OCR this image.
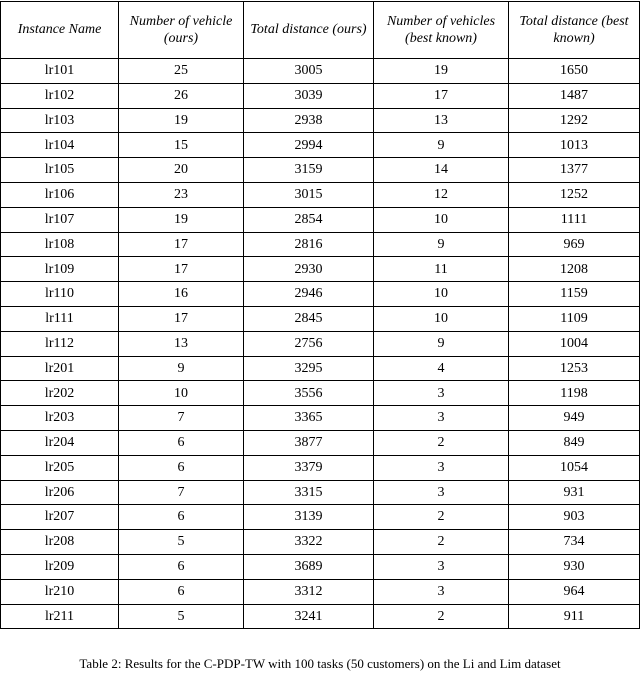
Instance Name	Number of vehicle (ours)	Total distance (ours)	Number of vehicles (best known)	Total distance (best known)
lr101	25	3005	19	1650
lr102	26	3039	17	1487
lr103	19	2938	13	1292
lr104	15	2994	9	1013
lr105	20	3159	14	1377
lr106	23	3015	12	1252
lr107	19	2854	10	1111
lr108	17	2816	9	969
lr109	17	2930	11	1208
lr110	16	2946	10	1159
lr111	17	2845	10	1109
lr112	13	2756	9	1004
lr201	9	3295	4	1253
lr202	10	3556	3	1198
lr203	7	3365	3	949
lr204	6	3877	2	849
lr205	6	3379	3	1054
lr206	7	3315	3	931
lr207	6	3139	2	903
lr208	5	3322	2	734
lr209	6	3689	3	930
lr210	6	3312	3	964
lr211	5	3241	2	911
Table 2: Results for the C-PDP-TW with 100 tasks (50 customers) on the Li and Lim dataset
